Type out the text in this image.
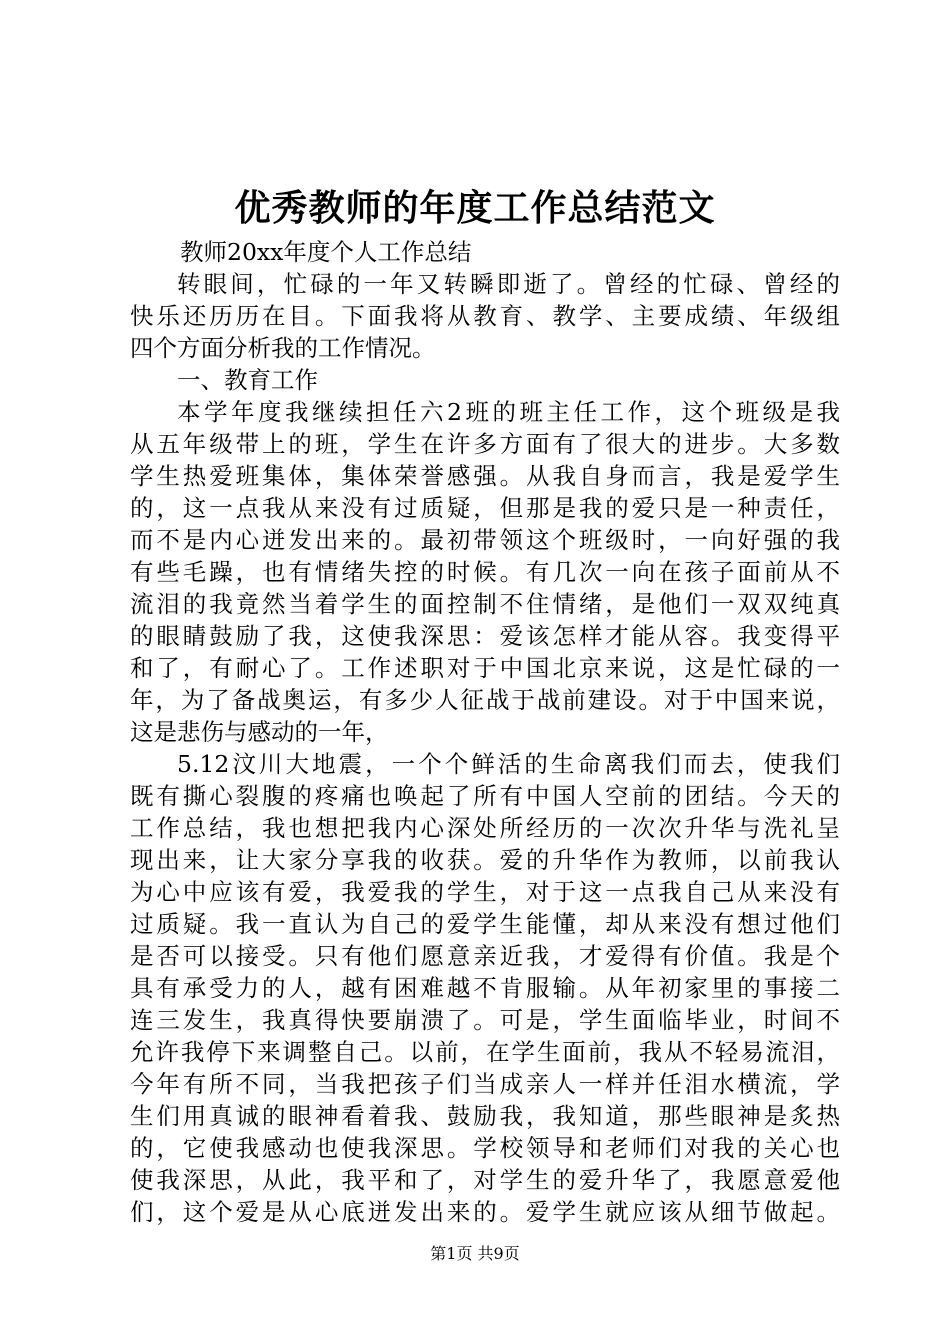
优秀教师的年度工作总结范文
教师20xx年度个人工作总结
转眼间，忙碌的一年又转瞬即逝了。曾经的忙碌、曾经的
快乐还历历在目。下面我将从教育、教学、主要成绩、年级组
四个方面分析我的工作情况。
一、教育工作
本学年度我继续担任六2班的班主任工作，这个班级是我
从五年级带上的班，学生在许多方面有了很大的进步。大多数
学生热爱班集体，集体荣誉感强。从我自身而言，我是爱学生
的，这一点我从来没有过质疑，但那是我的爱只是一种责任，
而不是内心迸发出来的。最初带领这个班级时，一向好强的我
有些毛躁，也有情绪失控的时候。有几次一向在孩子面前从不
流泪的我竟然当着学生的面控制不住情绪，是他们一双双纯真
的眼睛鼓励了我，这使我深思：爱该怎样才能从容。我变得平
和了，有耐心了。工作述职对于中国北京来说，这是忙碌的一
年，为了备战奥运，有多少人征战于战前建设。对于中国来说，
这是悲伤与感动的一年，
5.12汶川大地震，一个个鲜活的生命离我们而去，使我们
既有撕心裂腹的疼痛也唤起了所有中国人空前的团结。今天的
工作总结，我也想把我内心深处所经历的一次次升华与洗礼呈
现出来，让大家分享我的收获。爱的升华作为教师，以前我认
为心中应该有爱，我爱我的学生，对于这一点我自己从来没有
过质疑。我一直认为自己的爱学生能懂，却从来没有想过他们
是否可以接受。只有他们愿意亲近我，才爱得有价值。我是个
具有承受力的人，越有困难越不肯服输。从年初家里的事接二
连三发生，我真得快要崩溃了。可是，学生面临毕业，时间不
允许我停下来调整自己。以前，在学生面前，我从不轻易流泪，
今年有所不同，当我把孩子们当成亲人一样并任泪水横流，学
生们用真诚的眼神看着我、鼓励我，我知道，那些眼神是炙热
的，它使我感动也使我深思。学校领导和老师们对我的关心也
使我深思，从此，我平和了，对学生的爱升华了，我愿意爱他
们，这个爱是从心底迸发出来的。爱学生就应该从细节做起。
第1页 共9页
